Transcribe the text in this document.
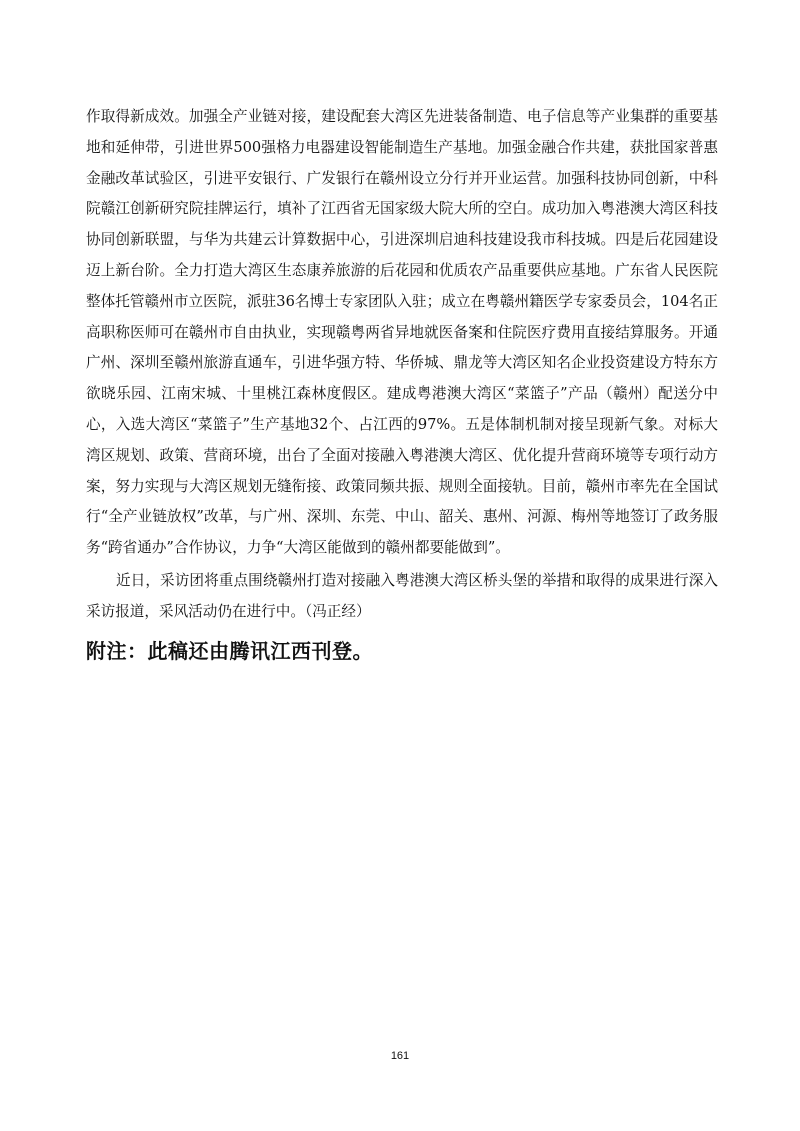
作取得新成效。加强全产业链对接，建设配套大湾区先进装备制造、电子信息等产业集群的重要基地和延伸带，引进世界500强格力电器建设智能制造生产基地。加强金融合作共建，获批国家普惠金融改革试验区，引进平安银行、广发银行在赣州设立分行并开业运营。加强科技协同创新，中科院赣江创新研究院挂牌运行，填补了江西省无国家级大院大所的空白。成功加入粤港澳大湾区科技协同创新联盟，与华为共建云计算数据中心，引进深圳启迪科技建设我市科技城。四是后花园建设迈上新台阶。全力打造大湾区生态康养旅游的后花园和优质农产品重要供应基地。广东省人民医院整体托管赣州市立医院，派驻36名博士专家团队入驻；成立在粤赣州籍医学专家委员会，104名正高职称医师可在赣州市自由执业，实现赣粤两省异地就医备案和住院医疗费用直接结算服务。开通广州、深圳至赣州旅游直通车，引进华强方特、华侨城、鼎龙等大湾区知名企业投资建设方特东方欲晓乐园、江南宋城、十里桃江森林度假区。建成粤港澳大湾区“菜篮子”产品（赣州）配送分中心，入选大湾区“菜篮子”生产基地32个、占江西的97%。五是体制机制对接呈现新气象。对标大湾区规划、政策、营商环境，出台了全面对接融入粤港澳大湾区、优化提升营商环境等专项行动方案，努力实现与大湾区规划无缝衔接、政策同频共振、规则全面接轨。目前，赣州市率先在全国试行“全产业链放权”改革，与广州、深圳、东莞、中山、韶关、惠州、河源、梅州等地签订了政务服务“跨省通办”合作协议，力争“大湾区能做到的赣州都要能做到”。

近日，采访团将重点围绕赣州打造对接融入粤港澳大湾区桥头堡的举措和取得的成果进行深入采访报道，采风活动仍在进行中。（冯正经）

附注：此稿还由腾讯江西刊登。

161
